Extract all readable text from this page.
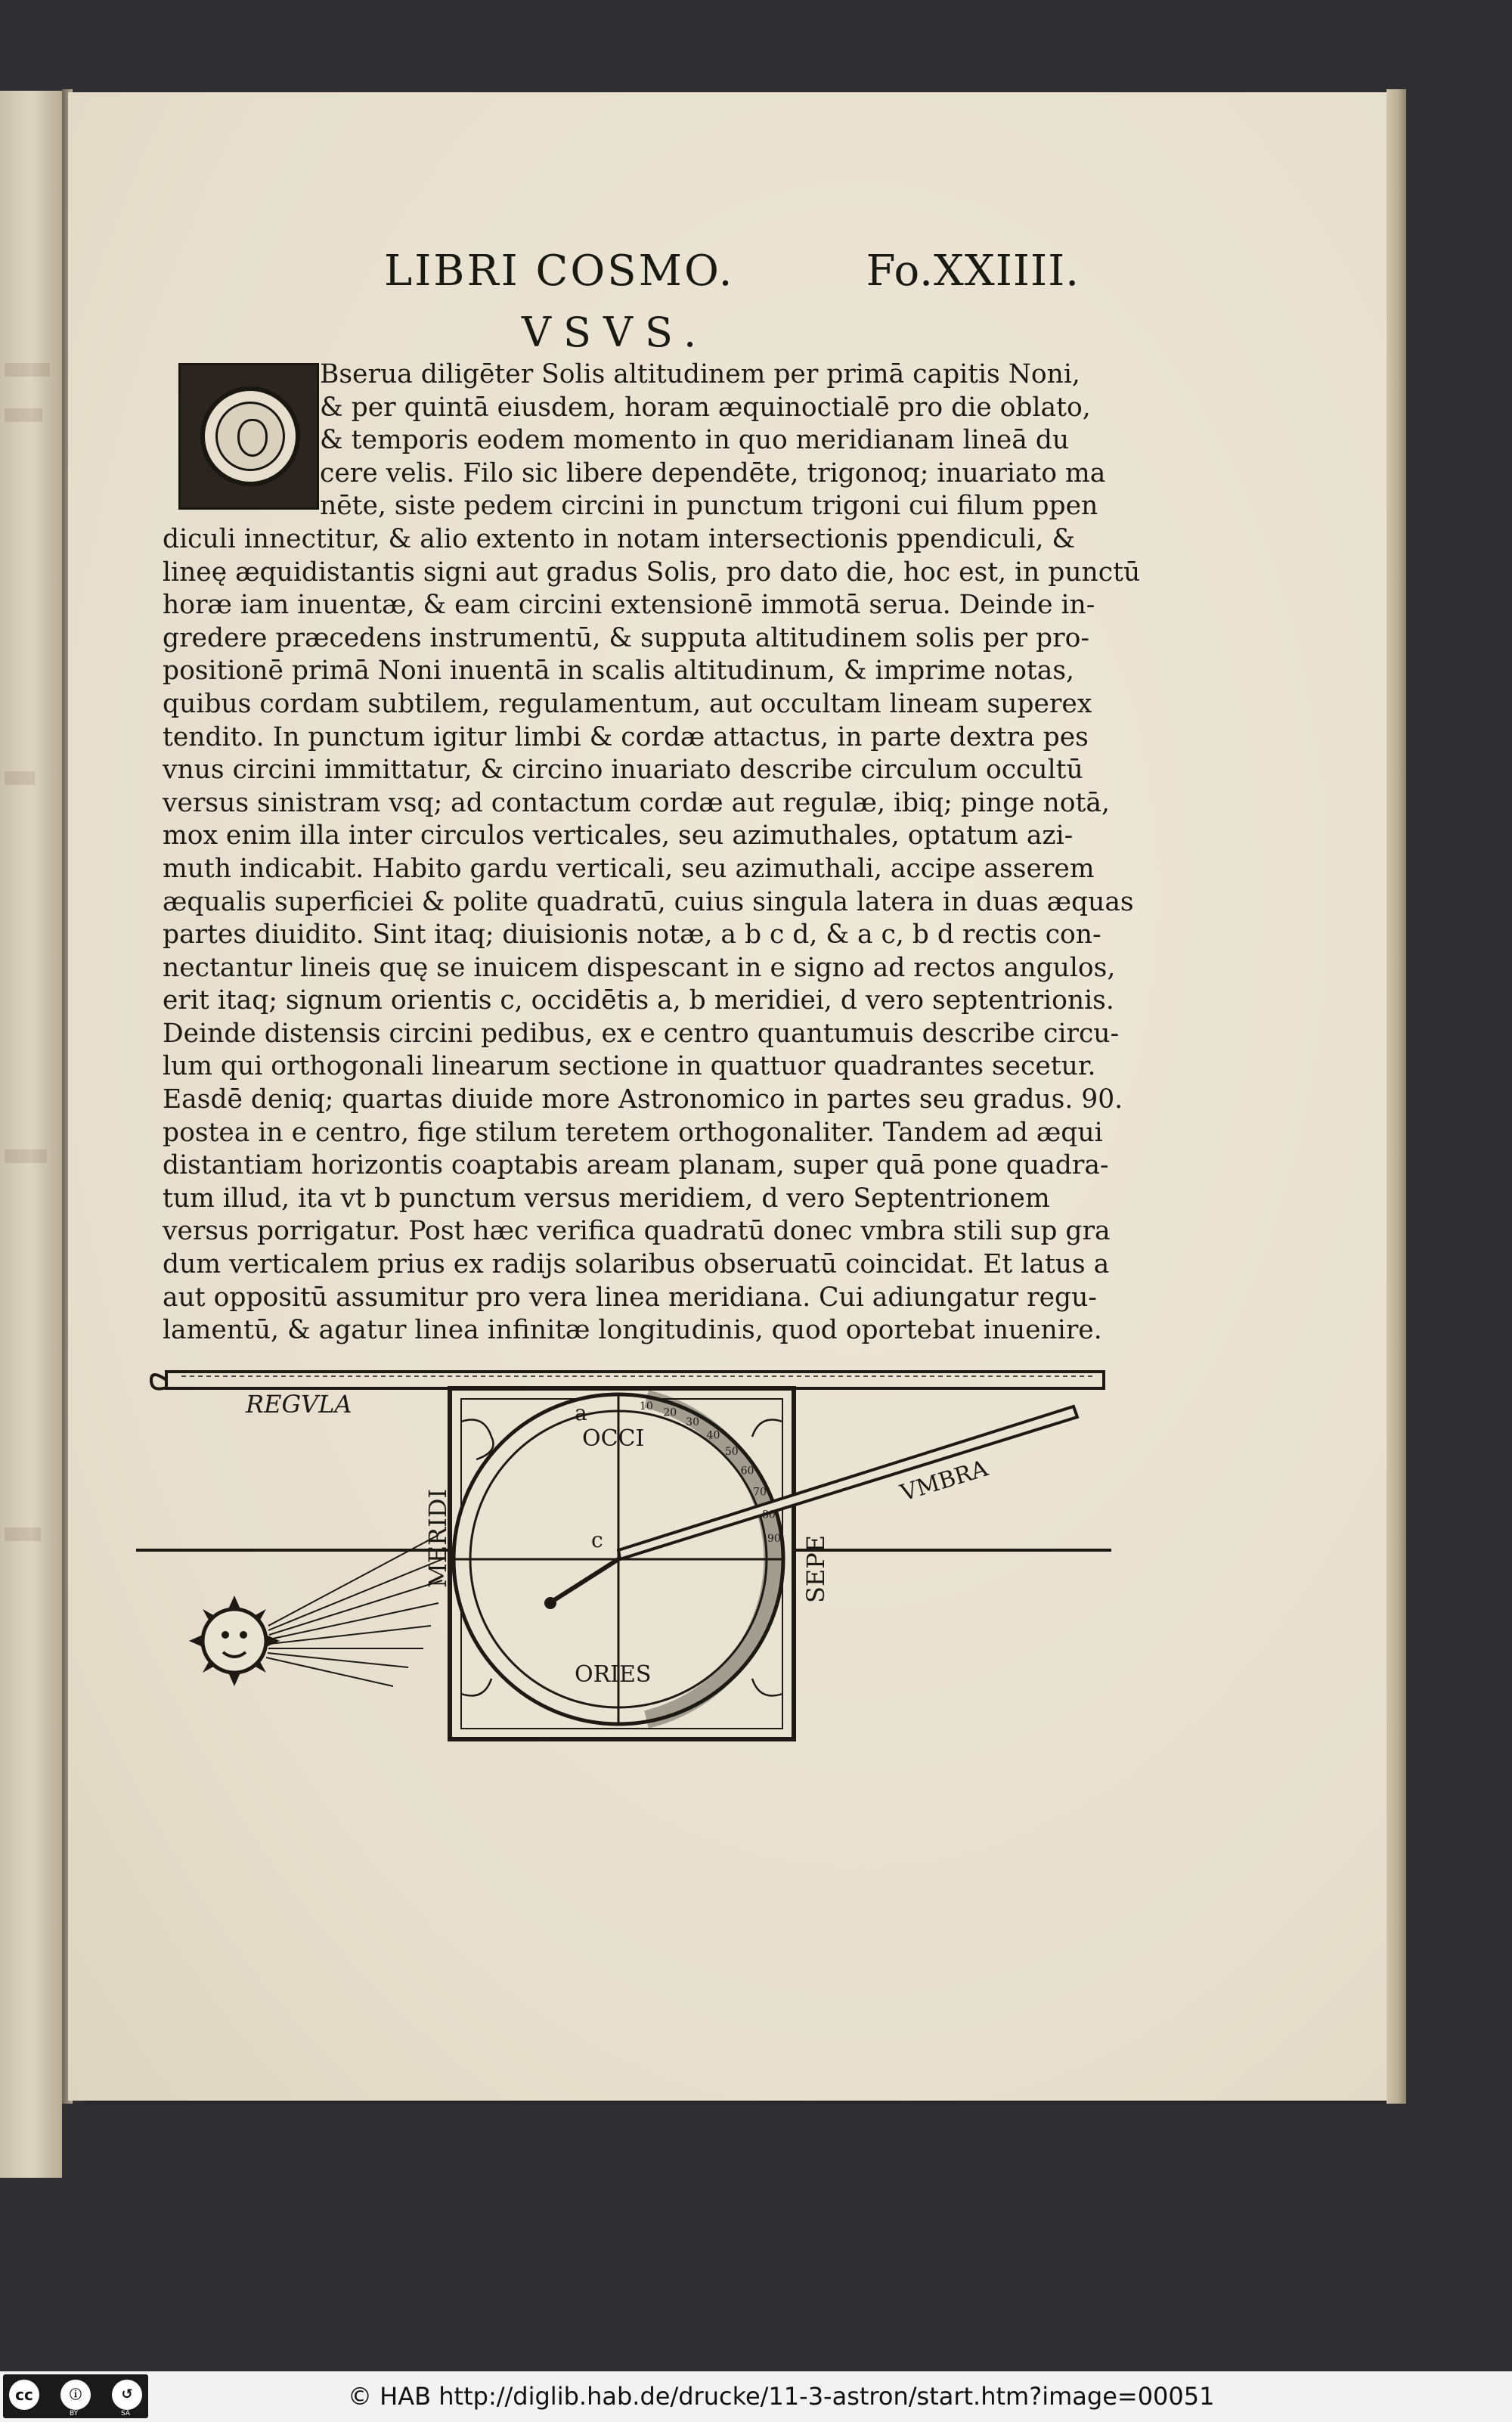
LIBRI COSMO.	Fo.XXIIII.
VSVS.
Bserua diligēter Solis altitudinem per primā capitis Noni,
& per quintā eiusdem, horam æquinoctialē pro die oblato,
& temporis eodem momento in quo meridianam lineā du
cere velis. Filo sic libere dependēte, trigonoq; inuariato ma
nēte, siste pedem circini in punctum trigoni cui filum ppen
diculi innectitur, & alio extento in notam intersectionis ppendiculi, &
lineę æquidistantis signi aut gradus Solis, pro dato die, hoc est, in punctū
horæ iam inuentæ, & eam circini extensionē immotā serua. Deinde in-
gredere præcedens instrumentū, & supputa altitudinem solis per pro-
positionē primā Noni inuentā in scalis altitudinum, & imprime notas,
quibus cordam subtilem, regulamentum, aut occultam lineam superex
tendito. In punctum igitur limbi & cordæ attactus, in parte dextra pes
vnus circini immittatur, & circino inuariato describe circulum occultū
versus sinistram vsq; ad contactum cordæ aut regulæ, ibiq; pinge notā,
mox enim illa inter circulos verticales, seu azimuthales, optatum azi-
muth indicabit. Habito gardu verticali, seu azimuthali, accipe asserem
æqualis superficiei & polite quadratū, cuius singula latera in duas æquas
partes diuidito. Sint itaq; diuisionis notæ, a b c d, & a c, b d rectis con-
nectantur lineis quę se inuicem dispescant in e signo ad rectos angulos,
erit itaq; signum orientis c, occidētis a, b meridiei, d vero septentrionis.
Deinde distensis circini pedibus, ex e centro quantumuis describe circu-
lum qui orthogonali linearum sectione in quattuor quadrantes secetur.
Easdē deniq; quartas diuide more Astronomico in partes seu gradus. 90.
postea in e centro, fige stilum teretem orthogonaliter. Tandem ad æqui
distantiam horizontis coaptabis aream planam, super quā pone quadra-
tum illud, ita vt b punctum versus meridiem, d vero Septentrionem
versus porrigatur. Post hæc verifica quadratū donec vmbra stili sup gra
dum verticalem prius ex radijs solaribus obseruatū coincidat. Et latus a
aut oppositū assumitur pro vera linea meridiana. Cui adiungatur regu-
lamentū, & agatur linea infinitæ longitudinis, quod oportebat inuenire.
REGVLA
OCCI
a
c
ORIES
MERIDI	SEPE
VMBRA
10
20
30
40
50
60
70
80
90
cc	ⓘ	↺
BY	SA
© HAB http://diglib.hab.de/drucke/11-3-astron/start.htm?image=00051
